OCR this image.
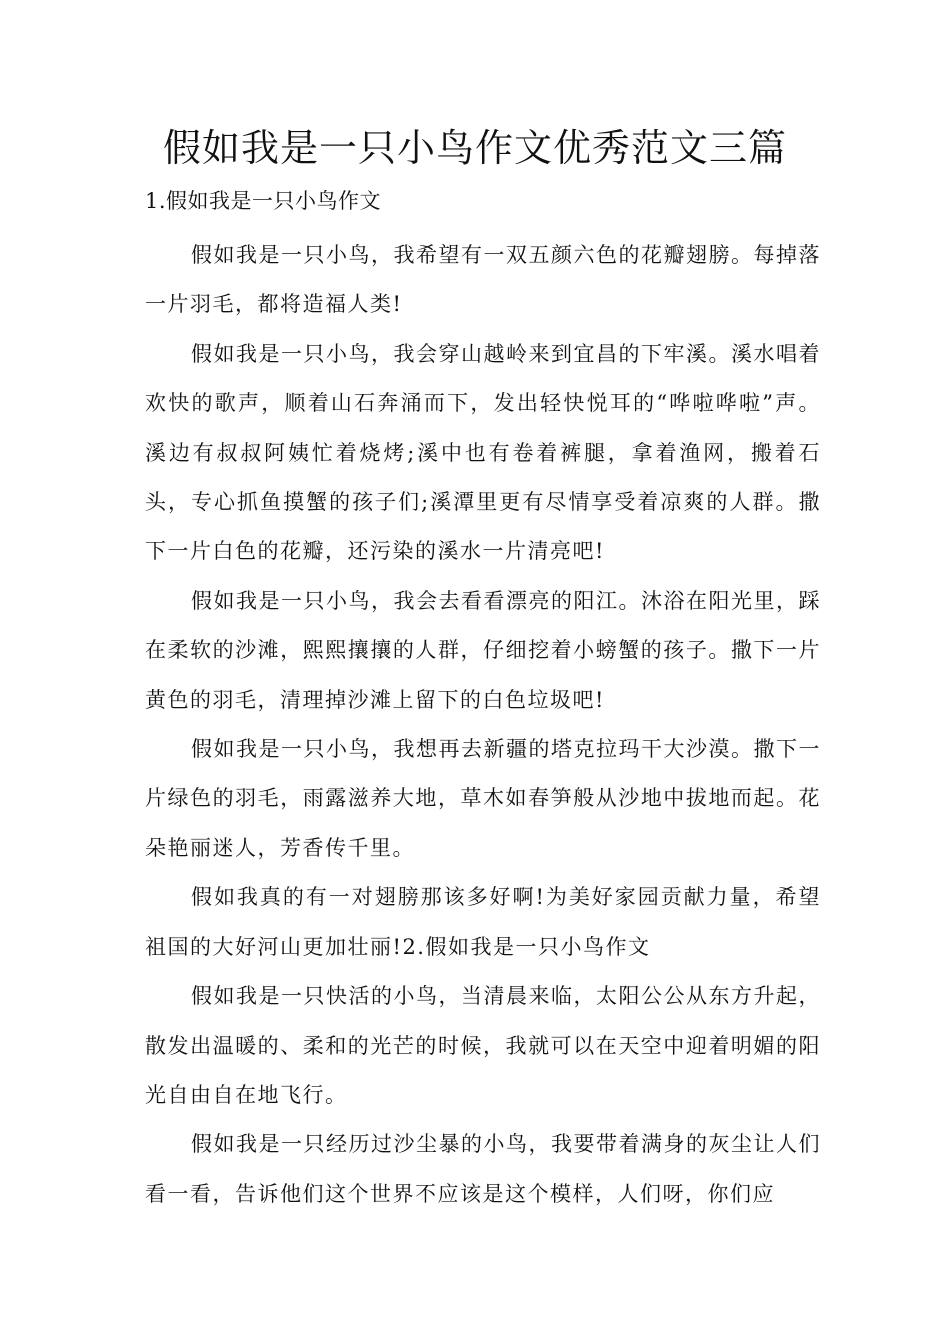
假如我是一只小鸟作文优秀范文三篇

1.假如我是一只小鸟作文

假如我是一只小鸟，我希望有一双五颜六色的花瓣翅膀。每掉落一片羽毛，都将造福人类!

假如我是一只小鸟，我会穿山越岭来到宜昌的下牢溪。溪水唱着欢快的歌声，顺着山石奔涌而下，发出轻快悦耳的“哗啦哗啦”声。溪边有叔叔阿姨忙着烧烤;溪中也有卷着裤腿，拿着渔网，搬着石头，专心抓鱼摸蟹的孩子们;溪潭里更有尽情享受着凉爽的人群。撒下一片白色的花瓣，还污染的溪水一片清亮吧!

假如我是一只小鸟，我会去看看漂亮的阳江。沐浴在阳光里，踩在柔软的沙滩，熙熙攘攘的人群，仔细挖着小螃蟹的孩子。撒下一片黄色的羽毛，清理掉沙滩上留下的白色垃圾吧!

假如我是一只小鸟，我想再去新疆的塔克拉玛干大沙漠。撒下一片绿色的羽毛，雨露滋养大地，草木如春笋般从沙地中拔地而起。花朵艳丽迷人，芳香传千里。

假如我真的有一对翅膀那该多好啊!为美好家园贡献力量，希望祖国的大好河山更加壮丽!2.假如我是一只小鸟作文

假如我是一只快活的小鸟，当清晨来临，太阳公公从东方升起，散发出温暖的、柔和的光芒的时候，我就可以在天空中迎着明媚的阳光自由自在地飞行。

假如我是一只经历过沙尘暴的小鸟，我要带着满身的灰尘让人们看一看，告诉他们这个世界不应该是这个模样，人们呀，你们应
